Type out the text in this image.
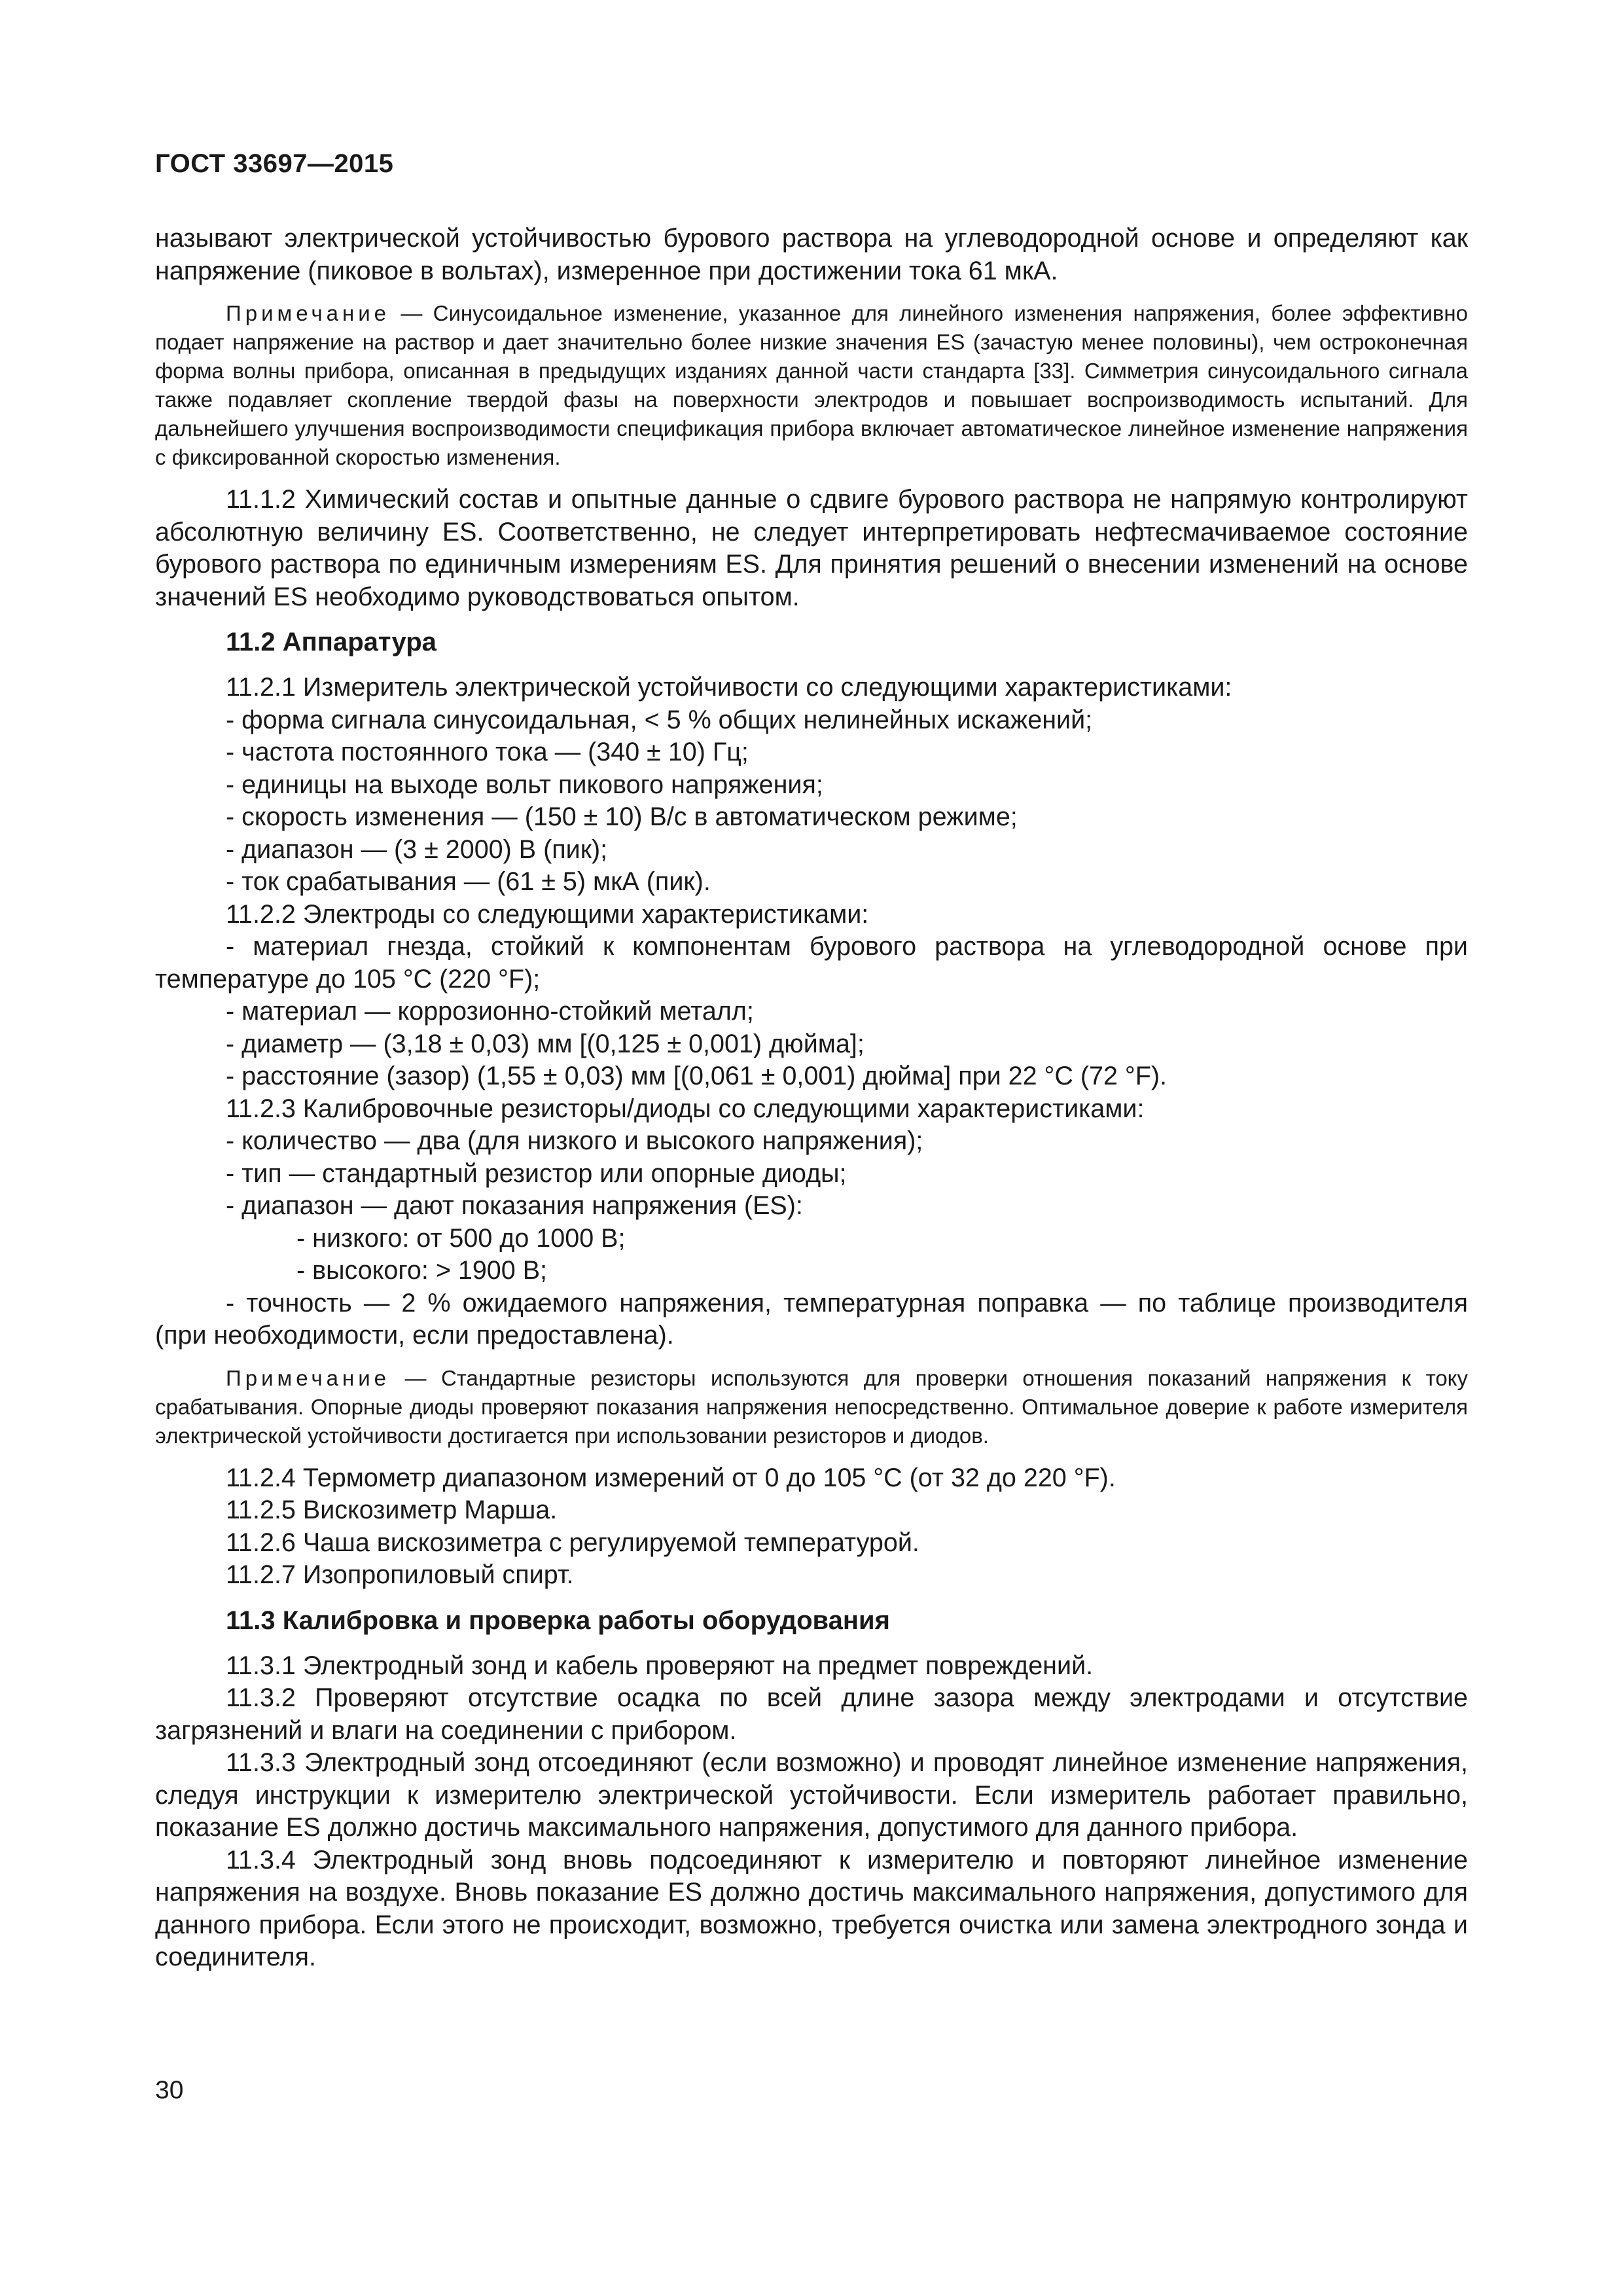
ГОСТ 33697—2015

называют электрической устойчивостью бурового раствора на углеводородной основе и определяют как напряжение (пиковое в вольтах), измеренное при достижении тока 61 мкА.

Примечание — Синусоидальное изменение, указанное для линейного изменения напряжения, более эффективно подает напряжение на раствор и дает значительно более низкие значения ES (зачастую менее половины), чем остроконечная форма волны прибора, описанная в предыдущих изданиях данной части стандарта [33]. Симметрия синусоидального сигнала также подавляет скопление твердой фазы на поверхности электродов и повышает воспроизводимость испытаний. Для дальнейшего улучшения воспроизводимости спецификация прибора включает автоматическое линейное изменение напряжения с фиксированной скоростью изменения.

11.1.2 Химический состав и опытные данные о сдвиге бурового раствора не напрямую контролируют абсолютную величину ES. Соответственно, не следует интерпретировать нефтесмачиваемое состояние бурового раствора по единичным измерениям ES. Для принятия решений о внесении изменений на основе значений ES необходимо руководствоваться опытом.

11.2 Аппаратура

11.2.1 Измеритель электрической устойчивости со следующими характеристиками:

- форма сигнала синусоидальная, < 5 % общих нелинейных искажений;

- частота постоянного тока — (340 ± 10) Гц;

- единицы на выходе вольт пикового напряжения;

- скорость изменения — (150 ± 10) В/с в автоматическом режиме;

- диапазон — (3 ± 2000) В (пик);

- ток срабатывания — (61 ± 5) мкА (пик).

11.2.2 Электроды со следующими характеристиками:

- материал гнезда, стойкий к компонентам бурового раствора на углеводородной основе при температуре до 105 °С (220 °F);

- материал — коррозионно-стойкий металл;

- диаметр — (3,18 ± 0,03) мм [(0,125 ± 0,001) дюйма];

- расстояние (зазор) (1,55 ± 0,03) мм [(0,061 ± 0,001) дюйма] при 22 °С (72 °F).

11.2.3 Калибровочные резисторы/диоды со следующими характеристиками:

- количество — два (для низкого и высокого напряжения);

- тип — стандартный резистор или опорные диоды;

- диапазон — дают показания напряжения (ES):

- низкого: от 500 до 1000 В;

- высокого: > 1900 В;

- точность — 2 % ожидаемого напряжения, температурная поправка — по таблице производителя (при необходимости, если предоставлена).

Примечание — Стандартные резисторы используются для проверки отношения показаний напряжения к току срабатывания. Опорные диоды проверяют показания напряжения непосредственно. Оптимальное доверие к работе измерителя электрической устойчивости достигается при использовании резисторов и диодов.

11.2.4 Термометр диапазоном измерений от 0 до 105 °С (от 32 до 220 °F).

11.2.5 Вискозиметр Марша.

11.2.6 Чаша вискозиметра с регулируемой температурой.

11.2.7 Изопропиловый спирт.

11.3 Калибровка и проверка работы оборудования

11.3.1 Электродный зонд и кабель проверяют на предмет повреждений.

11.3.2 Проверяют отсутствие осадка по всей длине зазора между электродами и отсутствие загрязнений и влаги на соединении с прибором.

11.3.3 Электродный зонд отсоединяют (если возможно) и проводят линейное изменение напряжения, следуя инструкции к измерителю электрической устойчивости. Если измеритель работает правильно, показание ES должно достичь максимального напряжения, допустимого для данного прибора.

11.3.4 Электродный зонд вновь подсоединяют к измерителю и повторяют линейное изменение напряжения на воздухе. Вновь показание ES должно достичь максимального напряжения, допустимого для данного прибора. Если этого не происходит, возможно, требуется очистка или замена электродного зонда и соединителя.

30
